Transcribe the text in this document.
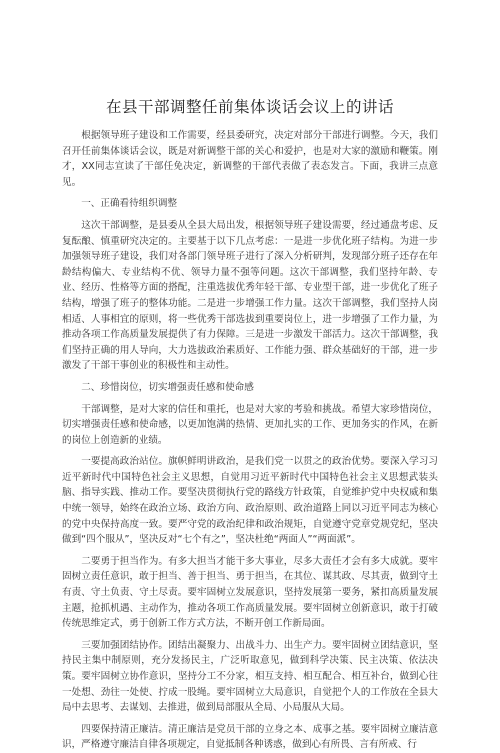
在县干部调整任前集体谈话会议上的讲话

根据领导班子建设和工作需要，经县委研究，决定对部分干部进行调整。今天，我们召开任前集体谈话会议，既是对新调整干部的关心和爱护，也是对大家的激励和鞭策。刚才，XX同志宣读了干部任免决定，新调整的干部代表做了表态发言。下面，我讲三点意见。

一、正确看待组织调整

这次干部调整，是县委从全县大局出发，根据领导班子建设需要，经过通盘考虑、反复酝酿、慎重研究决定的。主要基于以下几点考虑：一是进一步优化班子结构。为进一步加强领导班子建设，我们对各部门领导班子进行了深入分析研判，发现部分班子还存在年龄结构偏大、专业结构不优、领导力量不强等问题。这次干部调整，我们坚持年龄、专业、经历、性格等方面的搭配，注重选拔优秀年轻干部、专业型干部，进一步优化了班子结构，增强了班子的整体功能。二是进一步增强工作力量。这次干部调整，我们坚持人岗相适、人事相宜的原则，将一些优秀干部选拔到重要岗位上，进一步增强了工作力量，为推动各项工作高质量发展提供了有力保障。三是进一步激发干部活力。这次干部调整，我们坚持正确的用人导向，大力选拔政治素质好、工作能力强、群众基础好的干部，进一步激发了干部干事创业的积极性和主动性。

二、珍惜岗位，切实增强责任感和使命感

干部调整，是对大家的信任和重托，也是对大家的考验和挑战。希望大家珍惜岗位，切实增强责任感和使命感，以更加饱满的热情、更加扎实的工作、更加务实的作风，在新的岗位上创造新的业绩。

一要提高政治站位。旗帜鲜明讲政治，是我们党一以贯之的政治优势。要深入学习习近平新时代中国特色社会主义思想，自觉用习近平新时代中国特色社会主义思想武装头脑、指导实践、推动工作。要坚决贯彻执行党的路线方针政策，自觉维护党中央权威和集中统一领导，始终在政治立场、政治方向、政治原则、政治道路上同以习近平同志为核心的党中央保持高度一致。要严守党的政治纪律和政治规矩，自觉遵守党章党规党纪，坚决做到“四个服从”，坚决反对“七个有之”，坚决杜绝“两面人”“两面派”。

二要勇于担当作为。有多大担当才能干多大事业，尽多大责任才会有多大成就。要牢固树立责任意识，敢于担当、善于担当、勇于担当，在其位、谋其政、尽其责，做到守土有责、守土负责、守土尽责。要牢固树立发展意识，坚持发展第一要务，紧扣高质量发展主题，抢抓机遇、主动作为，推动各项工作高质量发展。要牢固树立创新意识，敢于打破传统思维定式，勇于创新工作方式方法，不断开创工作新局面。

三要加强团结协作。团结出凝聚力、出战斗力、出生产力。要牢固树立团结意识，坚持民主集中制原则，充分发扬民主，广泛听取意见，做到科学决策、民主决策、依法决策。要牢固树立协作意识，坚持分工不分家，相互支持、相互配合、相互补台，做到心往一处想、劲往一处使、拧成一股绳。要牢固树立大局意识，自觉把个人的工作放在全县大局中去思考、去谋划、去推进，做到局部服从全局、小局服从大局。

四要保持清正廉洁。清正廉洁是党员干部的立身之本、成事之基。要牢固树立廉洁意识，严格遵守廉洁自律各项规定，自觉抵制各种诱惑，做到心有所畏、言有所戒、行
